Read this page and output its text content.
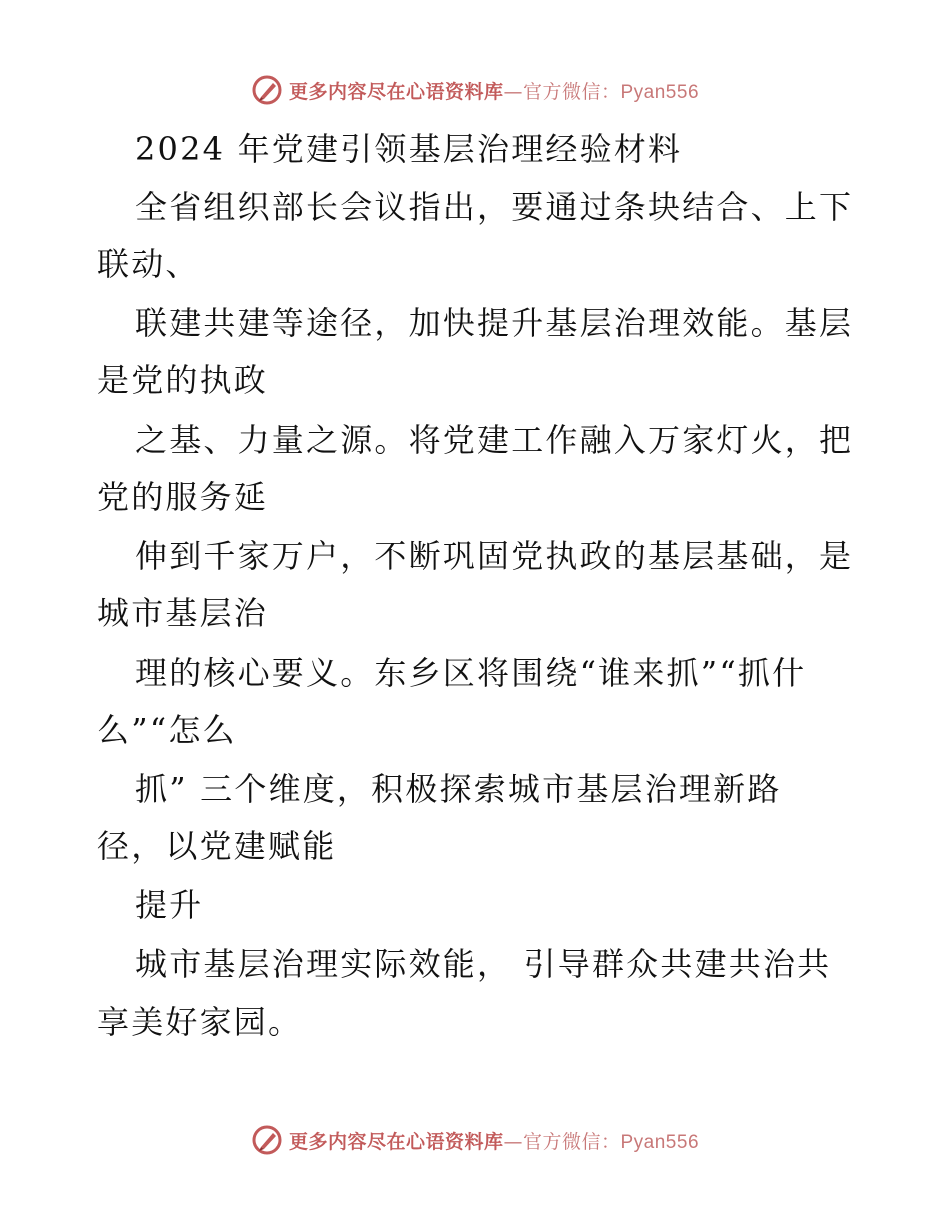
更多内容尽在心语资料库—官方微信：Pyan556
2024 年党建引领基层治理经验材料
全省组织部长会议指出，要通过条块结合、上下
联动、
联建共建等途径，加快提升基层治理效能。基层
是党的执政
之基、力量之源。将党建工作融入万家灯火，把
党的服务延
伸到千家万户，不断巩固党执政的基层基础，是
城市基层治
理的核心要义。东乡区将围绕“谁来抓”“抓什
么”“怎么
抓” 三个维度，积极探索城市基层治理新路
径，以党建赋能
提升
城市基层治理实际效能， 引导群众共建共治共
享美好家园。
更多内容尽在心语资料库—官方微信：Pyan556
